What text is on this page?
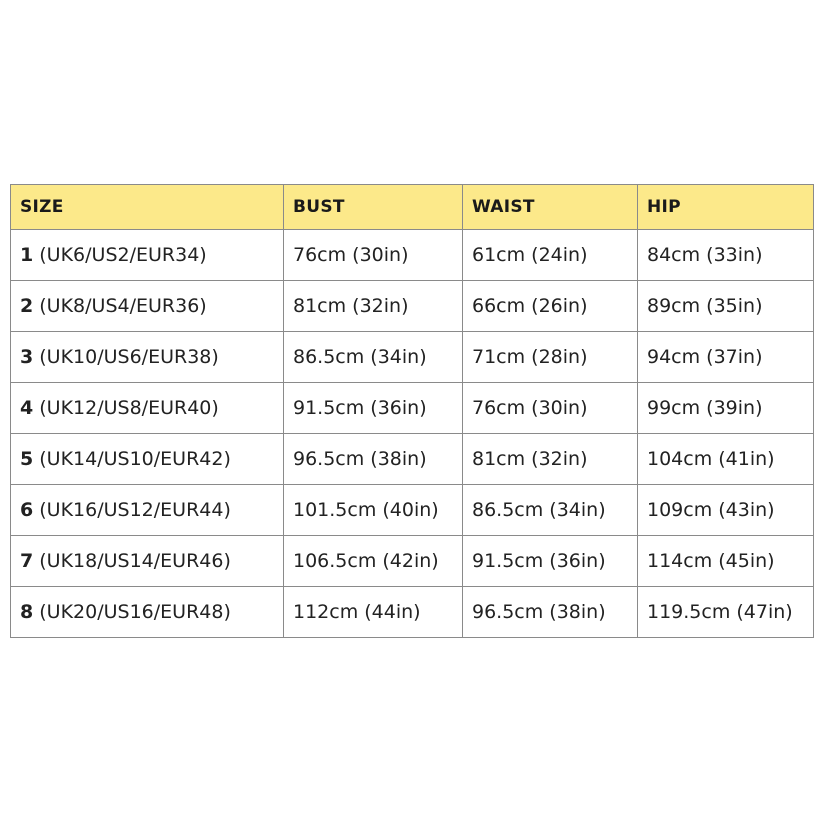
SIZE	BUST	WAIST	HIP
1 (UK6/US2/EUR34)	76cm (30in)	61cm (24in)	84cm (33in)
2 (UK8/US4/EUR36)	81cm (32in)	66cm (26in)	89cm (35in)
3 (UK10/US6/EUR38)	86.5cm (34in)	71cm (28in)	94cm (37in)
4 (UK12/US8/EUR40)	91.5cm (36in)	76cm (30in)	99cm (39in)
5 (UK14/US10/EUR42)	96.5cm (38in)	81cm (32in)	104cm (41in)
6 (UK16/US12/EUR44)	101.5cm (40in)	86.5cm (34in)	109cm (43in)
7 (UK18/US14/EUR46)	106.5cm (42in)	91.5cm (36in)	114cm (45in)
8 (UK20/US16/EUR48)	112cm (44in)	96.5cm (38in)	119.5cm (47in)
